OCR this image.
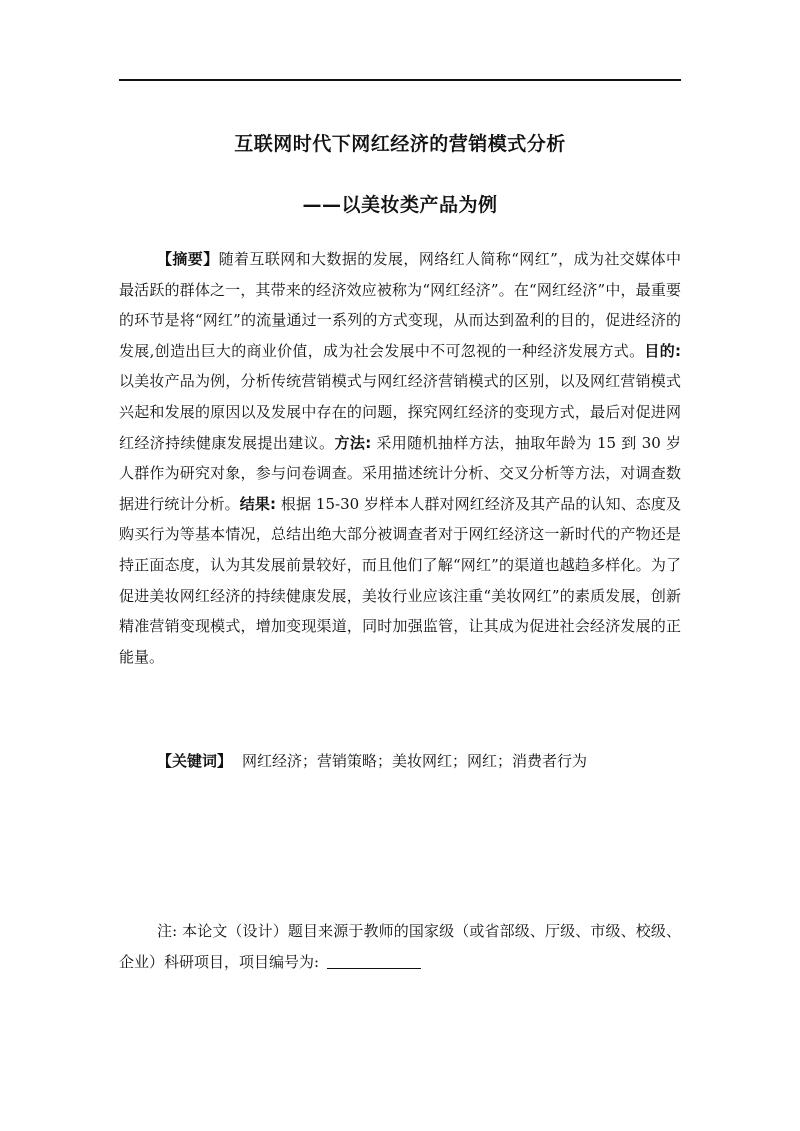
互联网时代下网红经济的营销模式分析
——以美妆类产品为例

【摘要】随着互联网和大数据的发展，网络红人简称“网红”，成为社交媒体中最活跃的群体之一，其带来的经济效应被称为“网红经济”。在“网红经济”中，最重要的环节是将“网红”的流量通过一系列的方式变现，从而达到盈利的目的，促进经济的发展,创造出巨大的商业价值，成为社会发展中不可忽视的一种经济发展方式。目的: 以美妆产品为例，分析传统营销模式与网红经济营销模式的区别，以及网红营销模式兴起和发展的原因以及发展中存在的问题，探究网红经济的变现方式，最后对促进网红经济持续健康发展提出建议。方法: 采用随机抽样方法，抽取年龄为 15 到 30 岁人群作为研究对象，参与问卷调查。采用描述统计分析、交叉分析等方法，对调查数据进行统计分析。结果: 根据 15-30 岁样本人群对网红经济及其产品的认知、态度及购买行为等基本情况，总结出绝大部分被调查者对于网红经济这一新时代的产物还是持正面态度，认为其发展前景较好，而且他们了解“网红”的渠道也越趋多样化。为了促进美妆网红经济的持续健康发展，美妆行业应该注重“美妆网红”的素质发展，创新精准营销变现模式，增加变现渠道，同时加强监管，让其成为促进社会经济发展的正能量。

【关键词】 网红经济；营销策略；美妆网红；网红；消费者行为

注: 本论文（设计）题目来源于教师的国家级（或省部级、厅级、市级、校级、企业）科研项目，项目编号为:
